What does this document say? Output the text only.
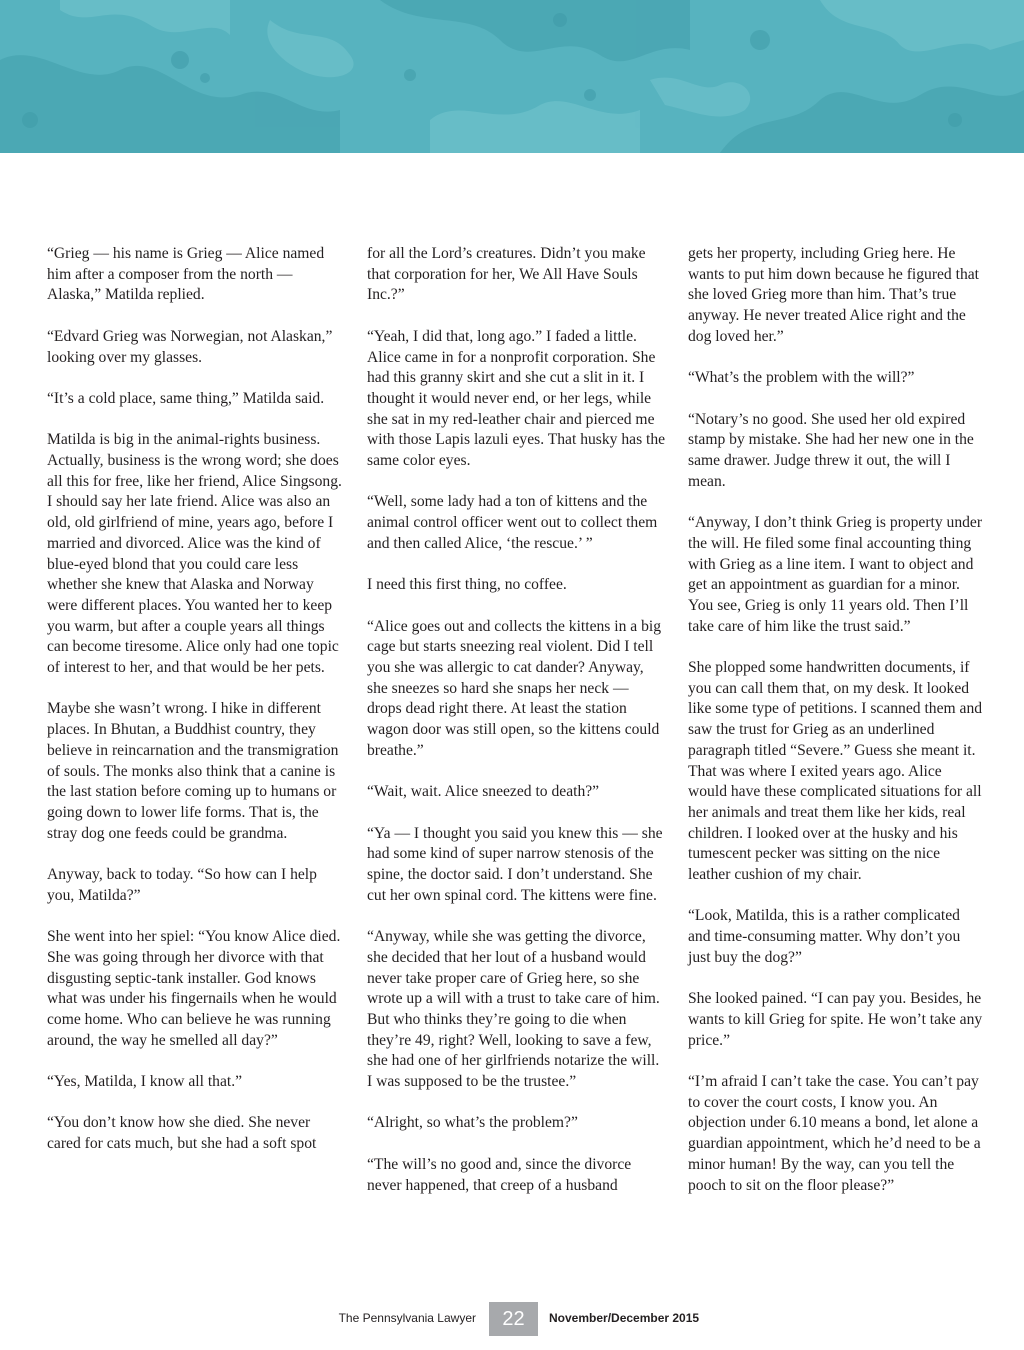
“Grieg — his name is Grieg — Alice named him after a composer from the north — Alaska,” Matilda replied.

“Edvard Grieg was Norwegian, not Alaskan,” looking over my glasses.

“It’s a cold place, same thing,” Matilda said.

Matilda is big in the animal-rights business. Actually, business is the wrong word; she does all this for free, like her friend, Alice Singsong. I should say her late friend. Alice was also an old, old girlfriend of mine, years ago, before I married and divorced. Alice was the kind of blue-eyed blond that you could care less whether she knew that Alaska and Norway were different places. You wanted her to keep you warm, but after a couple years all things can become tiresome. Alice only had one topic of interest to her, and that would be her pets.

Maybe she wasn’t wrong. I hike in different places. In Bhutan, a Buddhist country, they believe in reincarnation and the transmigration of souls. The monks also think that a canine is the last station before coming up to humans or going down to lower life forms. That is, the stray dog one feeds could be grandma.

Anyway, back to today. “So how can I help you, Matilda?”

She went into her spiel: “You know Alice died. She was going through her divorce with that disgusting septic-tank installer. God knows what was under his fingernails when he would come home. Who can believe he was running around, the way he smelled all day?”

“Yes, Matilda, I know all that.”

“You don’t know how she died. She never cared for cats much, but she had a soft spot

for all the Lord’s creatures. Didn’t you make that corporation for her, We All Have Souls Inc.?”

“Yeah, I did that, long ago.” I faded a little. Alice came in for a nonprofit corporation. She had this granny skirt and she cut a slit in it. I thought it would never end, or her legs, while she sat in my red-leather chair and pierced me with those Lapis lazuli eyes. That husky has the same color eyes.

“Well, some lady had a ton of kittens and the animal control officer went out to collect them and then called Alice, ‘the rescue.’ ”

I need this first thing, no coffee.

“Alice goes out and collects the kittens in a big cage but starts sneezing real violent. Did I tell you she was allergic to cat dander? Anyway, she sneezes so hard she snaps her neck — drops dead right there. At least the station wagon door was still open, so the kittens could breathe.”

“Wait, wait. Alice sneezed to death?”

“Ya — I thought you said you knew this — she had some kind of super narrow stenosis of the spine, the doctor said. I don’t understand. She cut her own spinal cord. The kittens were fine.

“Anyway, while she was getting the divorce, she decided that her lout of a husband would never take proper care of Grieg here, so she wrote up a will with a trust to take care of him. But who thinks they’re going to die when they’re 49, right? Well, looking to save a few, she had one of her girlfriends notarize the will. I was supposed to be the trustee.”

“Alright, so what’s the problem?”

“The will’s no good and, since the divorce never happened, that creep of a husband

gets her property, including Grieg here. He wants to put him down because he figured that she loved Grieg more than him. That’s true anyway. He never treated Alice right and the dog loved her.”

“What’s the problem with the will?”

“Notary’s no good. She used her old expired stamp by mistake. She had her new one in the same drawer. Judge threw it out, the will I mean.

“Anyway, I don’t think Grieg is property under the will. He filed some final accounting thing with Grieg as a line item. I want to object and get an appointment as guardian for a minor. You see, Grieg is only 11 years old. Then I’ll take care of him like the trust said.”

She plopped some handwritten documents, if you can call them that, on my desk. It looked like some type of petitions. I scanned them and saw the trust for Grieg as an underlined paragraph titled “Severe.” Guess she meant it. That was where I exited years ago. Alice would have these complicated situations for all her animals and treat them like her kids, real children. I looked over at the husky and his tumescent pecker was sitting on the nice leather cushion of my chair.

“Look, Matilda, this is a rather complicated and time-consuming matter. Why don’t you just buy the dog?”

She looked pained. “I can pay you. Besides, he wants to kill Grieg for spite. He won’t take any price.”

“I’m afraid I can’t take the case. You can’t pay to cover the court costs, I know you. An objection under 6.10 means a bond, let alone a guardian appointment, which he’d need to be a minor human! By the way, can you tell the pooch to sit on the floor please?”

The Pennsylvania Lawyer	22	November/December 2015
